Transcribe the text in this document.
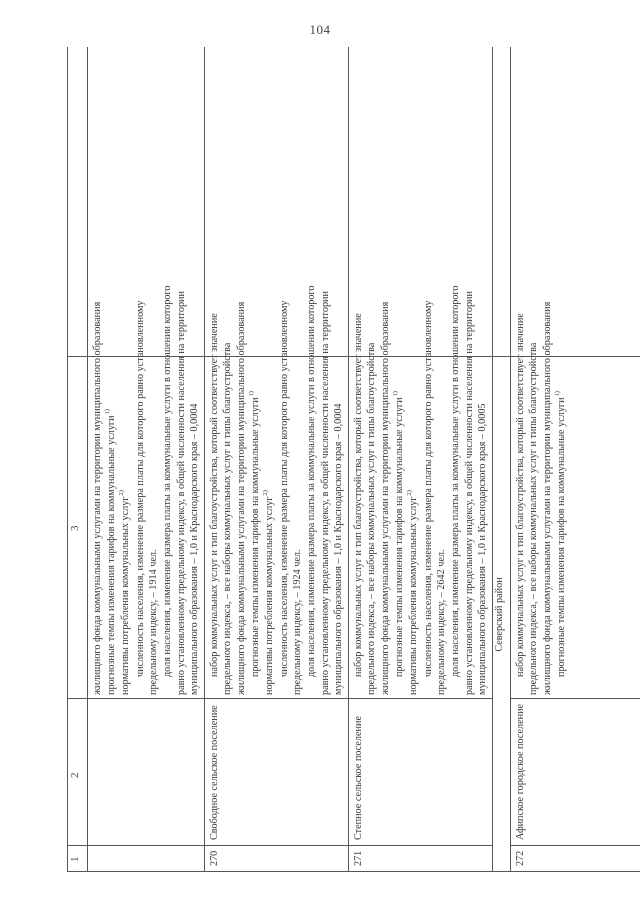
104
1
2
3 жилищного фонда коммунальными услугами на территории муниципального образования прогнозные темпы изменения тарифов на коммунальные услуги$^{1)}$
нормативы потребления коммунальных услуг$^{2)}$ численность населения, изменение размера платы для которого равно установленному предельному индексу, – 1914 чел. доля населения, изменение размера платы за коммунальные услуги в отношении которого равно установленному предельному индексу, в общей численности населения на территории муниципального образования – 1,0 и Краснодарского края – 0,0004
270
Свободное сельское поселение
набор коммунальных услуг и тип благоустройства, который соответствует значение предельного индекса, – все наборы коммунальных услуг и типы благоустройства жилищного фонда коммунальными услугами на территории муниципального образования прогнозные темпы изменения тарифов на коммунальные услуги$^{1)}$
нормативы потребления коммунальных услуг$^{2)}$ численность населения, изменение размера платы для которого равно установленному предельному индексу, – 1924 чел. доля населения, изменение размера платы за коммунальные услуги в отношении которого равно установленному предельному индексу, в общей численности населения на территории муниципального образования – 1,0 и Краснодарского края – 0,0004
271
Степное сельское поселение
набор коммунальных услуг и тип благоустройства, который соответствует значение предельного индекса, – все наборы коммунальных услуг и типы благоустройства жилищного фонда коммунальными услугами на территории муниципального образования прогнозные темпы изменения тарифов на коммунальные услуги$^{1)}$
нормативы потребления коммунальных услуг$^{2)}$ численность населения, изменение размера платы для которого равно установленному предельному индексу, – 2642 чел. доля населения, изменение размера платы за коммунальные услуги в отношении которого равно установленному предельному индексу, в общей численности населения на территории муниципального образования – 1,0 и Краснодарского края – 0,0005 Северский район
272
Афипское городское поселение
набор коммунальных услуг и тип благоустройства, который соответствует значение предельного индекса, – все наборы коммунальных услуг и типы благоустройства жилищного фонда коммунальными услугами на территории муниципального образования прогнозные темпы изменения тарифов на коммунальные услуги$^{1)}$
